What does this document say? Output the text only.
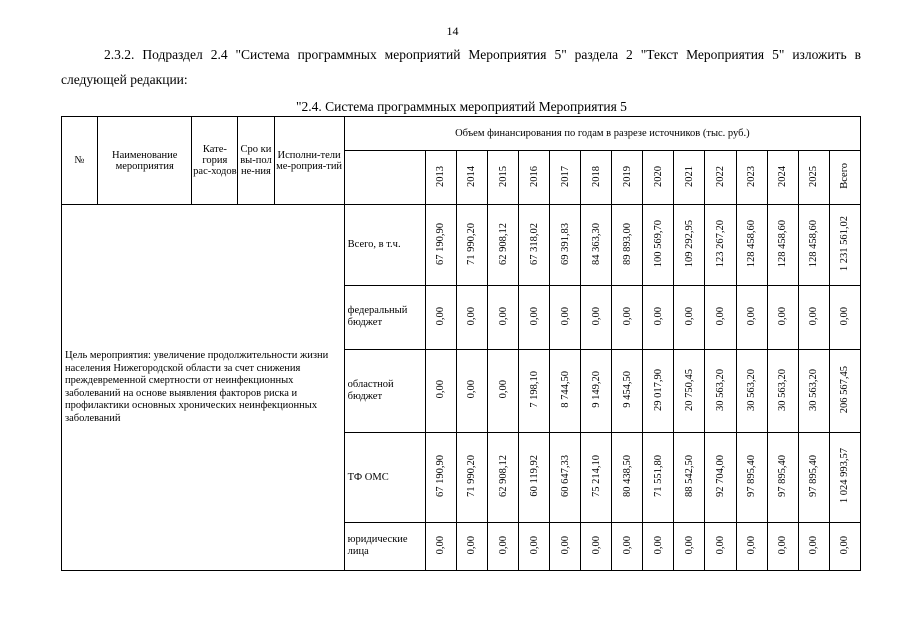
14
2.3.2. Подраздел 2.4 "Система программных мероприятий Мероприятия 5" раздела 2 "Текст Мероприятия 5" изложить в следующей редакции:
"2.4. Система программных мероприятий Мероприятия 5
№	Наименование мероприятия	Кате-гория рас-ходов	Сро ки вы-пол не-ния	Исполни-тели ме-роприя-тий	Объем финансирования по годам в разрезе источников (тыс. руб.)														
						2013	2014	2015	2016	2017	2018	2019	2020	2021	2022	2023	2024	2025	Всего
Цель мероприятия: увеличение продолжительности жизни населения Нижегородской области за счет снижения преждевременной смертности от неинфекционных заболеваний на основе выявления факторов риска и профилактики основных хронических неинфекционных заболеваний					Всего, в т.ч.	67 190,90	71 990,20	62 908,12	67 318,02	69 391,83	84 363,30	89 893,00	100 569,70	109 292,95	123 267,20	128 458,60	128 458,60	128 458,60	1 231 561,02
					федеральный бюджет	0,00	0,00	0,00	0,00	0,00	0,00	0,00	0,00	0,00	0,00	0,00	0,00	0,00	0,00
					областной бюджет	0,00	0,00	0,00	7 198,10	8 744,50	9 149,20	9 454,50	29 017,90	20 750,45	30 563,20	30 563,20	30 563,20	30 563,20	206 567,45
					ТФ ОМС	67 190,90	71 990,20	62 908,12	60 119,92	60 647,33	75 214,10	80 438,50	71 551,80	88 542,50	92 704,00	97 895,40	97 895,40	97 895,40	1 024 993,57
					юридические лица	0,00	0,00	0,00	0,00	0,00	0,00	0,00	0,00	0,00	0,00	0,00	0,00	0,00	0,00
